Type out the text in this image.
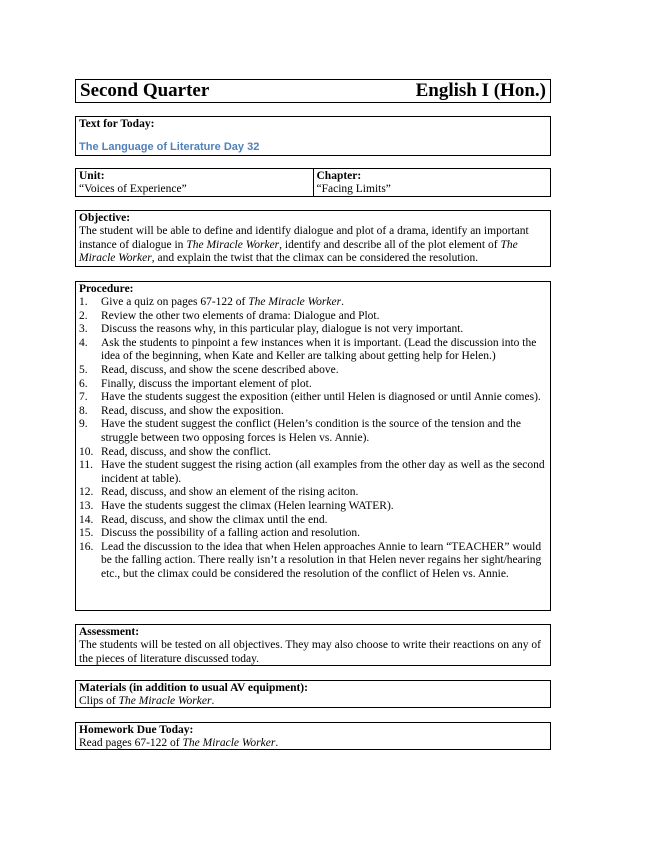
Second Quarter	English I (Hon.)
Text for Today:
The Language of Literature Day 32
Unit:
“Voices of Experience”
Chapter:
“Facing Limits”
Objective:
The student will be able to define and identify dialogue and plot of a drama, identify an important instance of dialogue in The Miracle Worker, identify and describe all of the plot element of The Miracle Worker, and explain the twist that the climax can be considered the resolution.
Procedure:
1.	Give a quiz on pages 67-122 of The Miracle Worker.
2.	Review the other two elements of drama: Dialogue and Plot.
3.	Discuss the reasons why, in this particular play, dialogue is not very important.
4.	Ask the students to pinpoint a few instances when it is important. (Lead the discussion into the idea of the beginning, when Kate and Keller are talking about getting help for Helen.)
5.	Read, discuss, and show the scene described above.
6.	Finally, discuss the important element of plot.
7.	Have the students suggest the exposition (either until Helen is diagnosed or until Annie comes).
8.	Read, discuss, and show the exposition.
9.	Have the student suggest the conflict (Helen’s condition is the source of the tension and the struggle between two opposing forces is Helen vs. Annie).
10. Read, discuss, and show the conflict.
11. Have the student suggest the rising action (all examples from the other day as well as the second incident at table).
12. Read, discuss, and show an element of the rising aciton.
13. Have the students suggest the climax (Helen learning WATER).
14. Read, discuss, and show the climax until the end.
15. Discuss the possibility of a falling action and resolution.
16. Lead the discussion to the idea that when Helen approaches Annie to learn “TEACHER” would be the falling action. There really isn’t a resolution in that Helen never regains her sight/hearing etc., but the climax could be considered the resolution of the conflict of Helen vs. Annie.
Assessment:
The students will be tested on all objectives. They may also choose to write their reactions on any of the pieces of literature discussed today.
Materials (in addition to usual AV equipment):
Clips of The Miracle Worker.
Homework Due Today:
Read pages 67-122 of The Miracle Worker.
